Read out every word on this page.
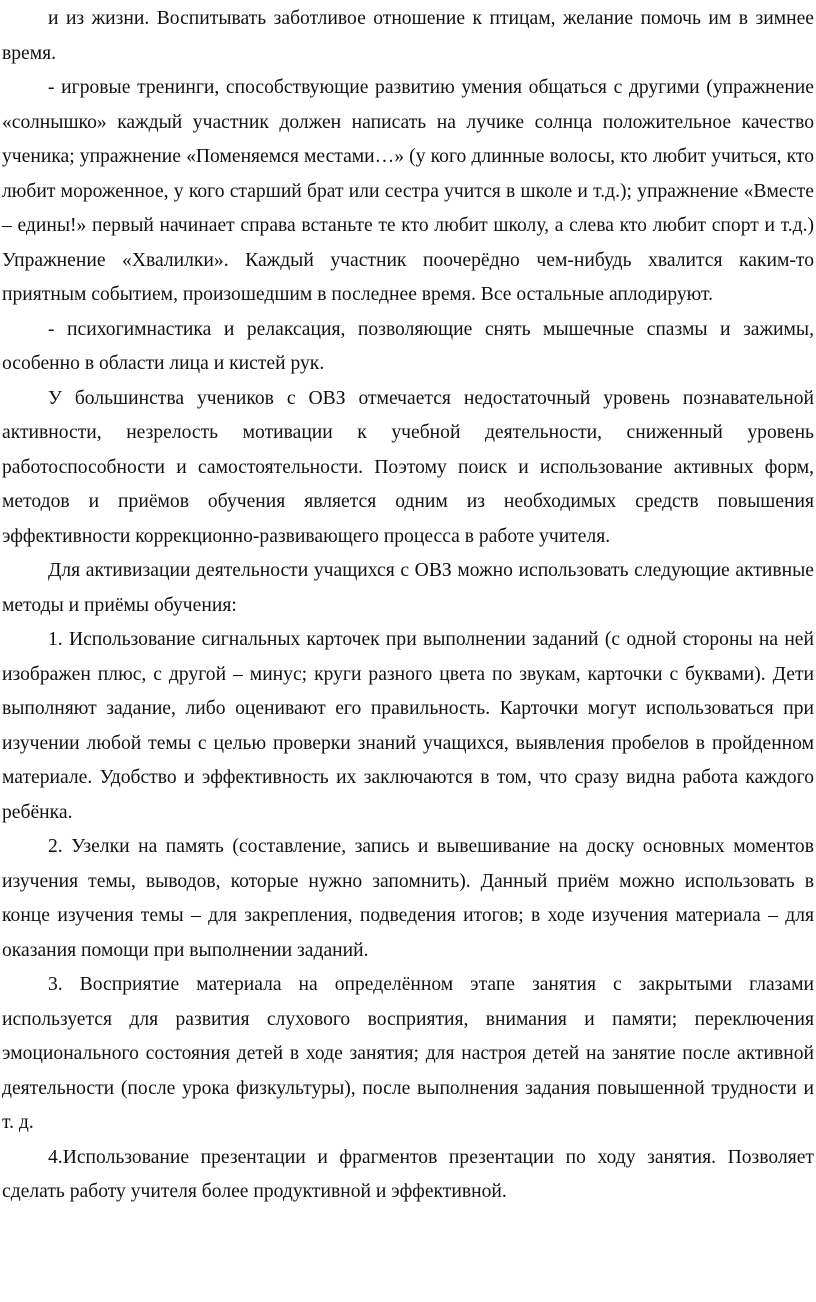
и из жизни. Воспитывать заботливое отношение к птицам, желание помочь им в зимнее время.

- игровые тренинги, способствующие развитию умения общаться с другими (упражнение «солнышко» каждый участник должен написать на лучике солнца положительное качество ученика; упражнение «Поменяемся местами…» (у кого длинные волосы, кто любит учиться, кто любит мороженное, у кого старший брат или сестра учится в школе и т.д.); упражнение «Вместе – едины!» первый начинает справа встаньте те кто любит школу, а слева кто любит спорт и т.д.) Упражнение «Хвалилки». Каждый участник поочерёдно чем-нибудь хвалится каким-то приятным событием, произошедшим в последнее время. Все остальные аплодируют.

- психогимнастика и релаксация, позволяющие снять мышечные спазмы и зажимы, особенно в области лица и кистей рук.

У большинства учеников с ОВЗ отмечается недостаточный уровень познавательной активности, незрелость мотивации к учебной деятельности, сниженный уровень работоспособности и самостоятельности. Поэтому поиск и использование активных форм, методов и приёмов обучения является одним из необходимых средств повышения эффективности коррекционно-развивающего процесса в работе учителя.

Для активизации деятельности учащихся с ОВЗ можно использовать следующие активные методы и приёмы обучения:

1. Использование сигнальных карточек при выполнении заданий (с одной стороны на ней изображен плюс, с другой – минус; круги разного цвета по звукам, карточки с буквами). Дети выполняют задание, либо оценивают его правильность. Карточки могут использоваться при изучении любой темы с целью проверки знаний учащихся, выявления пробелов в пройденном материале. Удобство и эффективность их заключаются в том, что сразу видна работа каждого ребёнка.

2. Узелки на память (составление, запись и вывешивание на доску основных моментов изучения темы, выводов, которые нужно запомнить). Данный приём можно использовать в конце изучения темы – для закрепления, подведения итогов; в ходе изучения материала – для оказания помощи при выполнении заданий.

3. Восприятие материала на определённом этапе занятия с закрытыми глазами используется для развития слухового восприятия, внимания и памяти; переключения эмоционального состояния детей в ходе занятия; для настроя детей на занятие после активной деятельности (после урока физкультуры), после выполнения задания повышенной трудности и т. д.

4.Использование презентации и фрагментов презентации по ходу занятия. Позволяет сделать работу учителя более продуктивной и эффективной.
